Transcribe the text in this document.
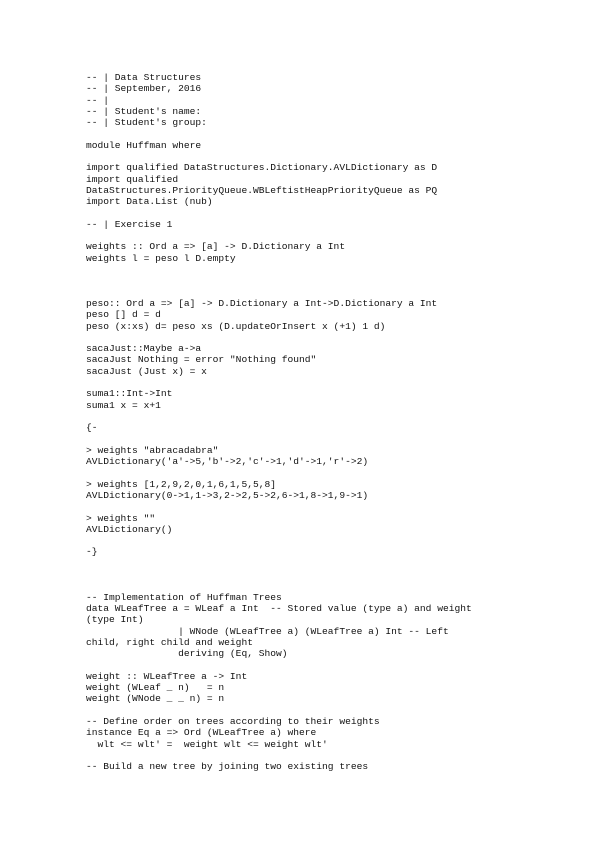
-- | Data Structures
-- | September, 2016
-- |
-- | Student's name:
-- | Student's group:
module Huffman where
import qualified DataStructures.Dictionary.AVLDictionary as D
import qualified
DataStructures.PriorityQueue.WBLeftistHeapPriorityQueue as PQ
import Data.List (nub)
-- | Exercise 1
weights :: Ord a => [a] -> D.Dictionary a Int
weights l = peso l D.empty
peso:: Ord a => [a] -> D.Dictionary a Int->D.Dictionary a Int
peso [] d = d
peso (x:xs) d= peso xs (D.updateOrInsert x (+1) 1 d)
sacaJust::Maybe a->a
sacaJust Nothing = error "Nothing found"
sacaJust (Just x) = x
suma1::Int->Int
suma1 x = x+1
{-
> weights "abracadabra"
AVLDictionary('a'->5,'b'->2,'c'->1,'d'->1,'r'->2)
> weights [1,2,9,2,0,1,6,1,5,5,8]
AVLDictionary(0->1,1->3,2->2,5->2,6->1,8->1,9->1)
> weights ""
AVLDictionary()
-}
-- Implementation of Huffman Trees
data WLeafTree a = WLeaf a Int  -- Stored value (type a) and weight
(type Int)
| WNode (WLeafTree a) (WLeafTree a) Int -- Left
child, right child and weight
deriving (Eq, Show)
weight :: WLeafTree a -> Int
weight (WLeaf _ n)   = n
weight (WNode _ _ n) = n
-- Define order on trees according to their weights
instance Eq a => Ord (WLeafTree a) where
wlt <= wlt' =  weight wlt <= weight wlt'
-- Build a new tree by joining two existing trees
